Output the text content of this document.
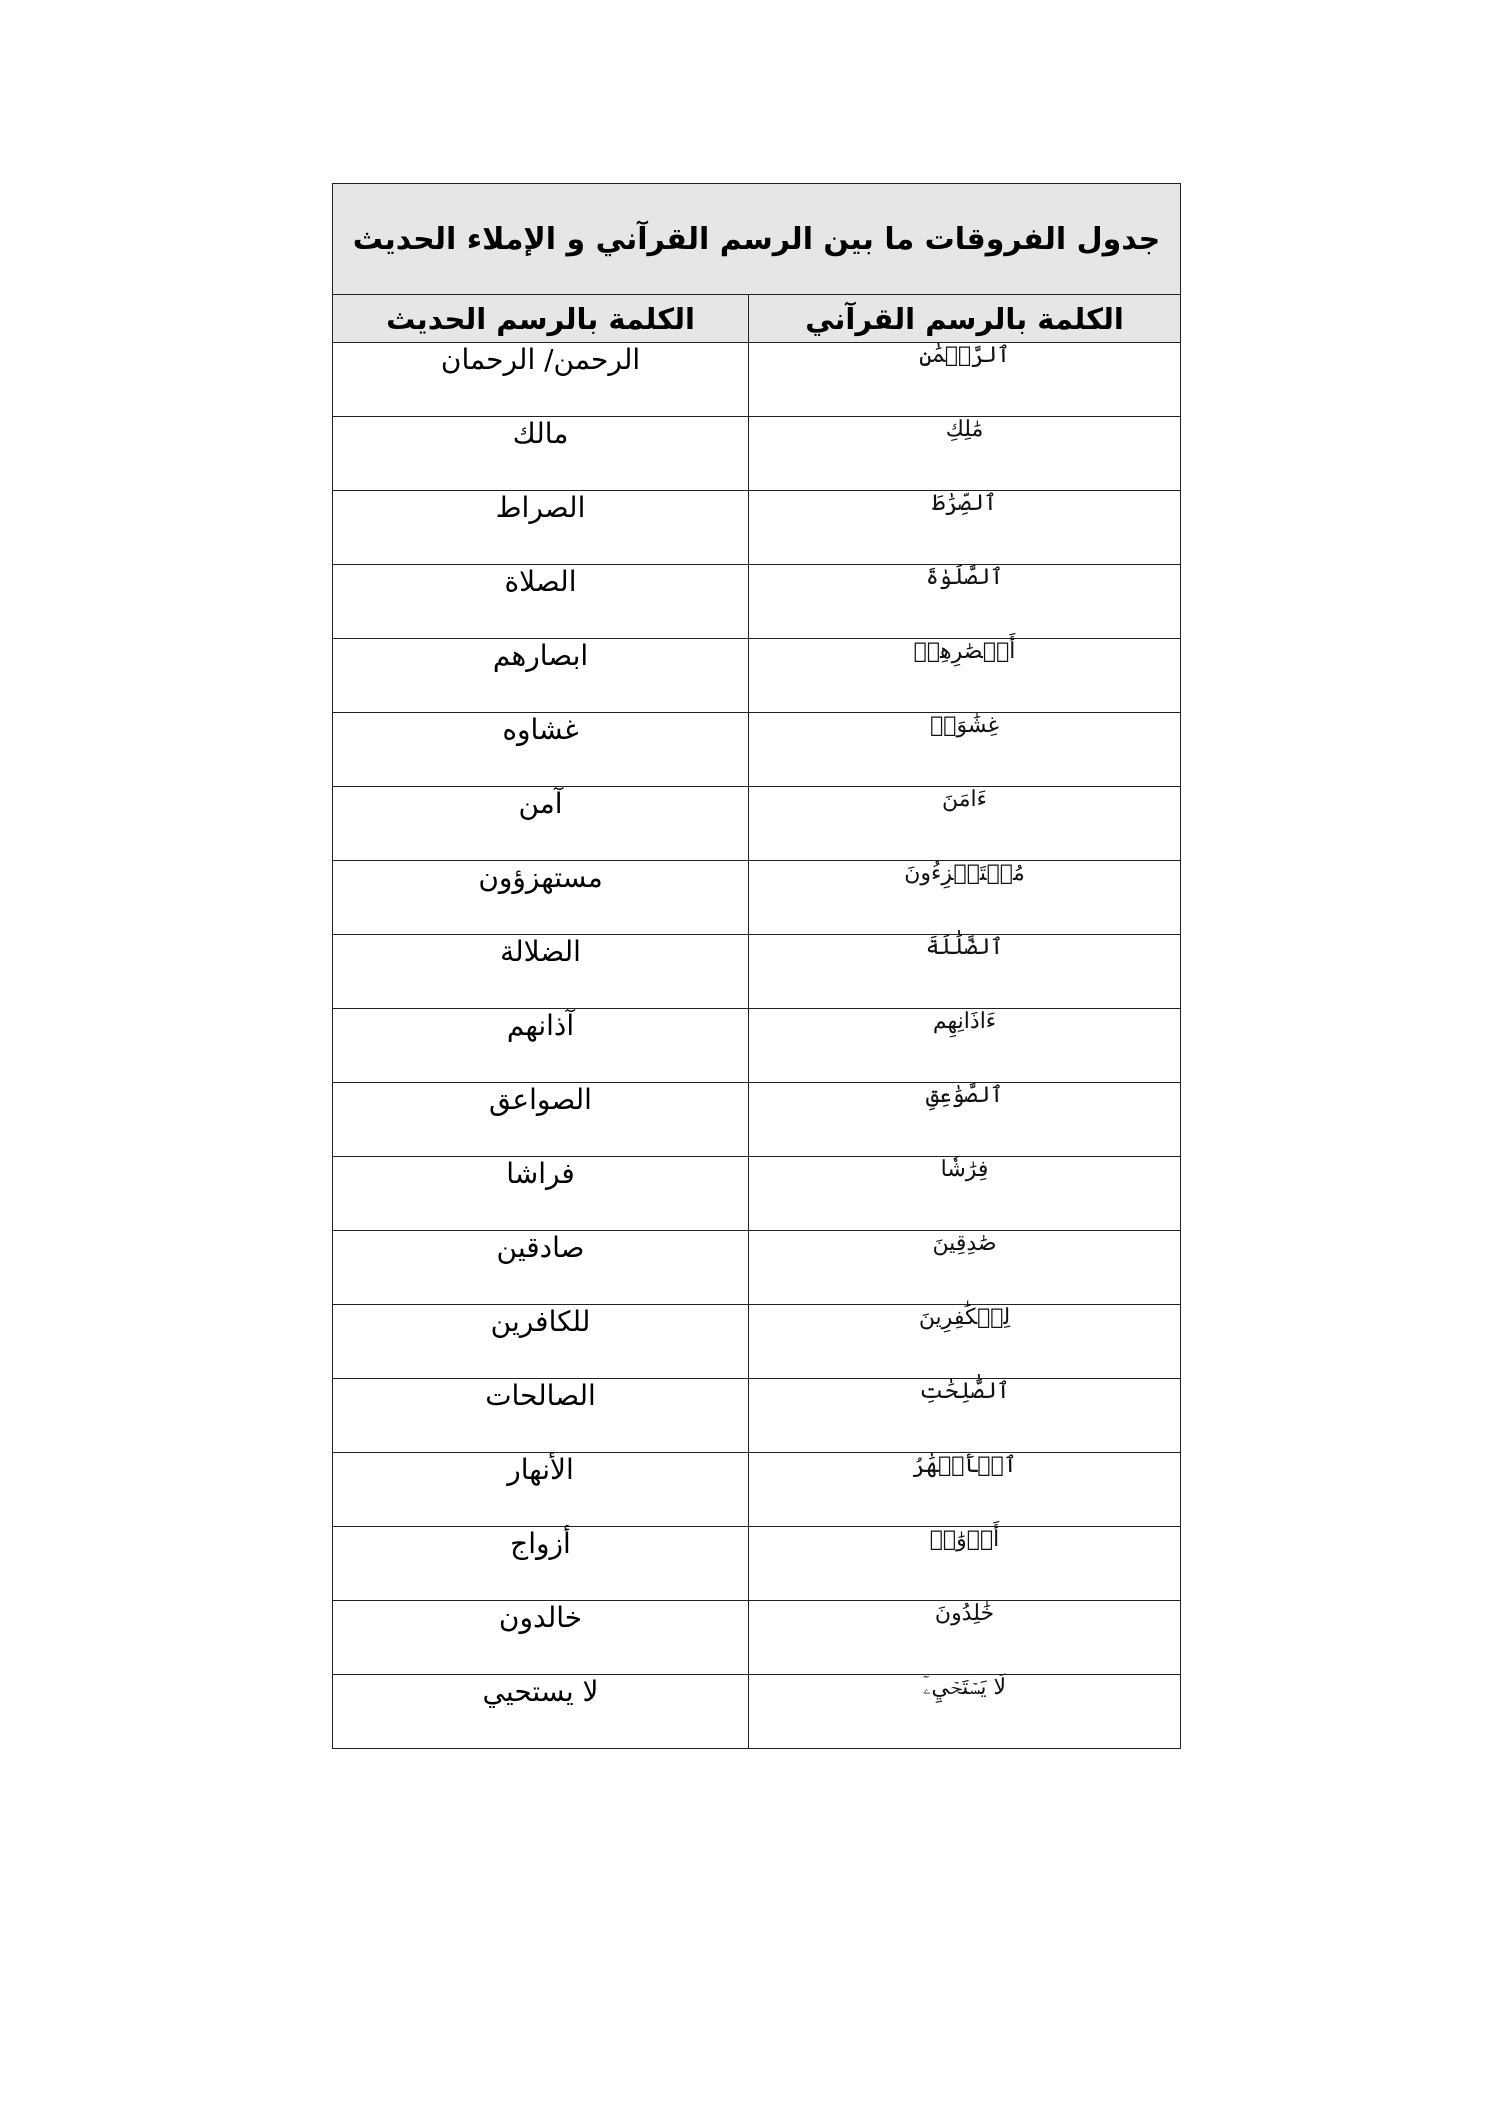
جدول الفروقات ما بين الرسم القرآني و الإملاء الحديث	
الكلمة بالرسم القرآني	الكلمة بالرسم الحديث
ٱلرَّحۡمَٰنِ	الرحمن/ الرحمان
مَٰلِكِ	مالك
ٱلصِّرَٰطَ	الصراط
ٱلصَّلَوٰةَ	الصلاة
أَبۡصَٰرِهِمۡ	ابصارهم
غِشَٰوَةٞ	غشاوه
ءَامَنَ	آمن
مُسۡتَهۡزِءُونَ	مستهزؤون
ٱلضَّلَٰلَةَ	الضلالة
ءَاذَانِهِم	آذانهم
ٱلصَّوَٰعِقِ	الصواعق
فِرَٰشٗا	فراشا
صَٰدِقِينَ	صادقين
لِلۡكَٰفِرِينَ	للكافرين
ٱلصَّٰلِحَٰتِ	الصالحات
ٱلۡأَنۡهَٰرُ	الأنهار
أَزۡوَٰجٞ	أزواج
خَٰلِدُونَ	خالدون
لَا يَسۡتَحۡيِۦٓ	لا يستحيي
